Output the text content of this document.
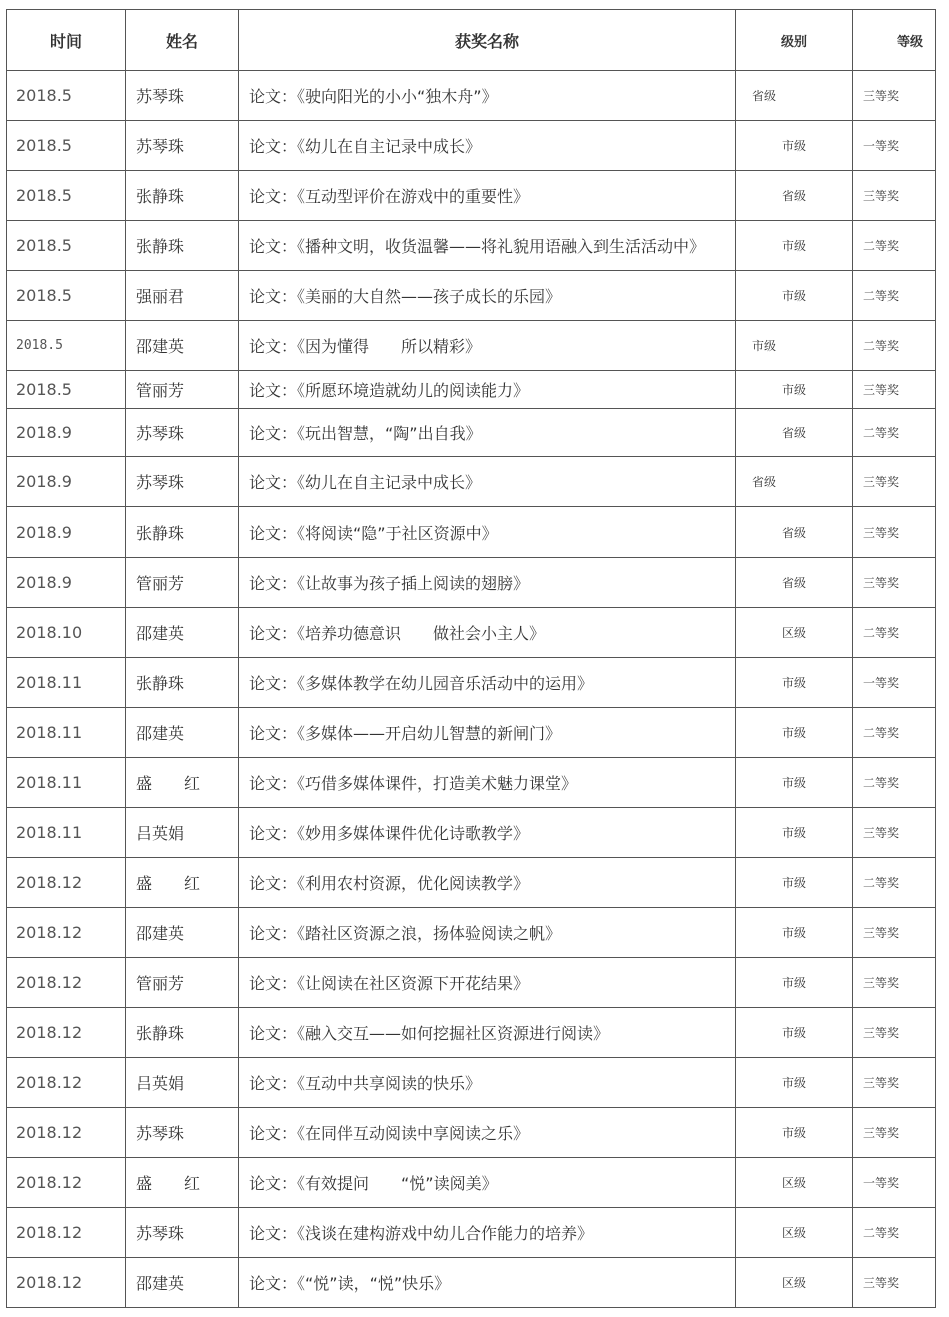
时间	姓名	获奖名称	级别	等级
2018.5	苏琴珠	论文：《驶向阳光的小小“独木舟”》	省级	三等奖
2018.5	苏琴珠	论文：《幼儿在自主记录中成长》	市级	一等奖
2018.5	张静珠	论文：《互动型评价在游戏中的重要性》	省级	三等奖
2018.5	张静珠	论文：《播种文明，收货温馨——将礼貌用语融入到生活活动中》	市级	二等奖
2018.5	强丽君	论文：《美丽的大自然——孩子成长的乐园》	市级	二等奖
2018.5	邵建英	论文：《因为懂得　　所以精彩》	市级	二等奖
2018.5	管丽芳	论文：《所愿环境造就幼儿的阅读能力》	市级	三等奖
2018.9	苏琴珠	论文：《玩出智慧，“陶”出自我》	省级	二等奖
2018.9	苏琴珠	论文：《幼儿在自主记录中成长》	省级	三等奖
2018.9	张静珠	论文：《将阅读“隐”于社区资源中》	省级	三等奖
2018.9	管丽芳	论文：《让故事为孩子插上阅读的翅膀》	省级	三等奖
2018.10	邵建英	论文：《培养功德意识　　做社会小主人》	区级	二等奖
2018.11	张静珠	论文：《多媒体教学在幼儿园音乐活动中的运用》	市级	一等奖
2018.11	邵建英	论文：《多媒体——开启幼儿智慧的新闸门》	市级	二等奖
2018.11	盛　　红	论文：《巧借多媒体课件，打造美术魅力课堂》	市级	二等奖
2018.11	吕英娟	论文：《妙用多媒体课件优化诗歌教学》	市级	三等奖
2018.12	盛　　红	论文：《利用农村资源，优化阅读教学》	市级	二等奖
2018.12	邵建英	论文：《踏社区资源之浪，扬体验阅读之帆》	市级	三等奖
2018.12	管丽芳	论文：《让阅读在社区资源下开花结果》	市级	三等奖
2018.12	张静珠	论文：《融入交互——如何挖掘社区资源进行阅读》	市级	三等奖
2018.12	吕英娟	论文：《互动中共享阅读的快乐》	市级	三等奖
2018.12	苏琴珠	论文：《在同伴互动阅读中享阅读之乐》	市级	三等奖
2018.12	盛　　红	论文：《有效提问　　“悦”读阅美》	区级	一等奖
2018.12	苏琴珠	论文：《浅谈在建构游戏中幼儿合作能力的培养》	区级	二等奖
2018.12	邵建英	论文：《“悦”读，“悦”快乐》	区级	三等奖
